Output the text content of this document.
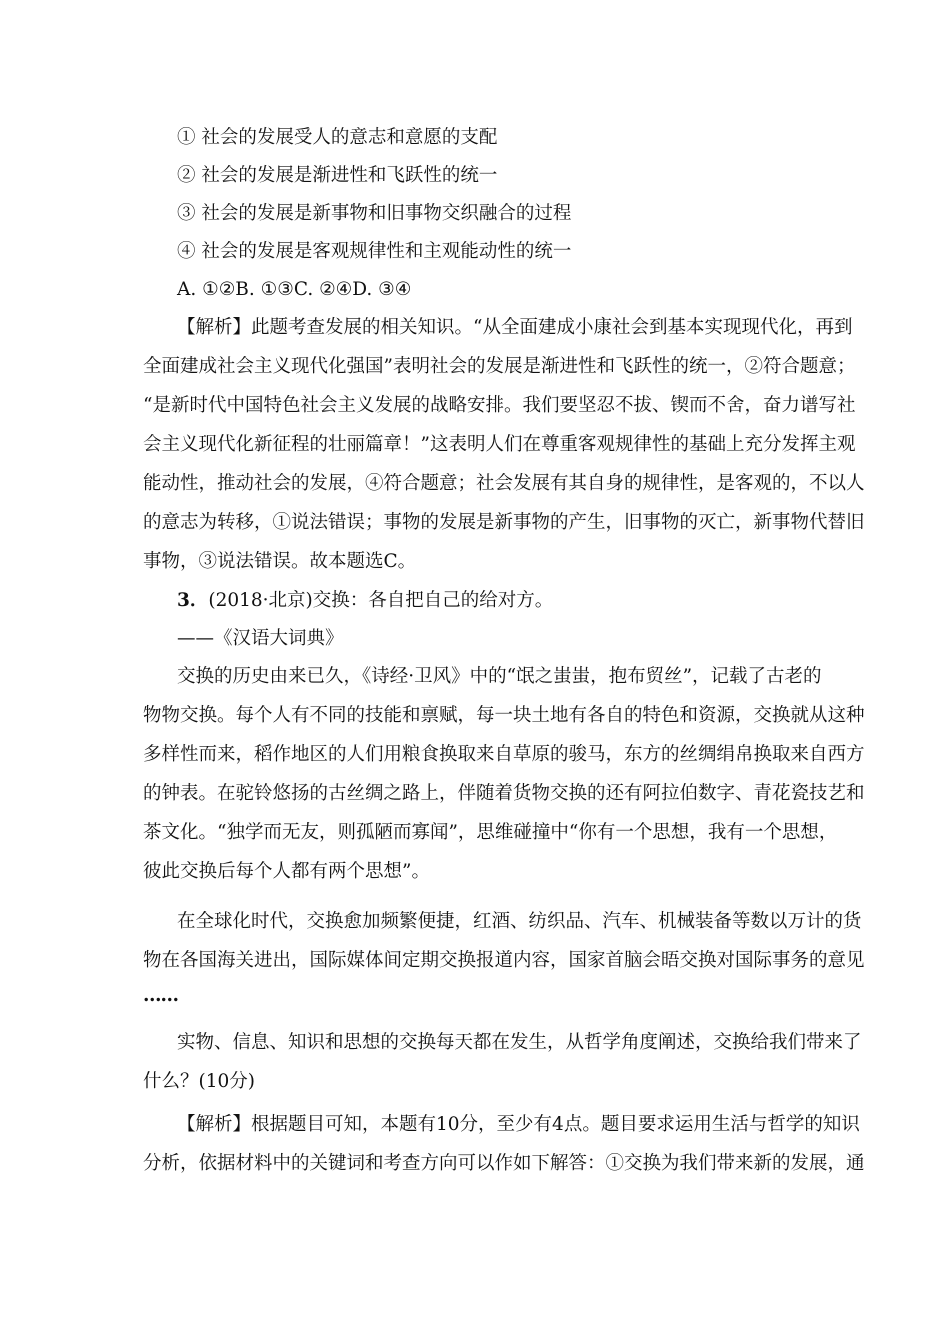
① 社会的发展受人的意志和意愿的支配
② 社会的发展是渐进性和飞跃性的统一
③ 社会的发展是新事物和旧事物交织融合的过程
④ 社会的发展是客观规律性和主观能动性的统一
A. ①②B. ①③C. ②④D. ③④
【解析】此题考查发展的相关知识。“从全面建成小康社会到基本实现现代化，再到
全面建成社会主义现代化强国”表明社会的发展是渐进性和飞跃性的统一，②符合题意；
“是新时代中国特色社会主义发展的战略安排。我们要坚忍不拔、锲而不舍，奋力谱写社
会主义现代化新征程的壮丽篇章！”这表明人们在尊重客观规律性的基础上充分发挥主观
能动性，推动社会的发展，④符合题意；社会发展有其自身的规律性，是客观的，不以人
的意志为转移，①说法错误；事物的发展是新事物的产生，旧事物的灭亡，新事物代替旧
事物，③说法错误。故本题选C。
3．(2018·北京)交换：各自把自己的给对方。
——《汉语大词典》
交换的历史由来已久，《诗经·卫风》中的“氓之蚩蚩，抱布贸丝”，记载了古老的
物物交换。每个人有不同的技能和禀赋，每一块土地有各自的特色和资源，交换就从这种
多样性而来，稻作地区的人们用粮食换取来自草原的骏马，东方的丝绸绢帛换取来自西方
的钟表。在驼铃悠扬的古丝绸之路上，伴随着货物交换的还有阿拉伯数字、青花瓷技艺和
茶文化。“独学而无友，则孤陋而寡闻”，思维碰撞中“你有一个思想，我有一个思想，
彼此交换后每个人都有两个思想”。
在全球化时代，交换愈加频繁便捷，红酒、纺织品、汽车、机械装备等数以万计的货
物在各国海关进出，国际媒体间定期交换报道内容，国家首脑会晤交换对国际事务的意见
……
实物、信息、知识和思想的交换每天都在发生，从哲学角度阐述，交换给我们带来了
什么？(10分)
【解析】根据题目可知，本题有10分，至少有4点。题目要求运用生活与哲学的知识
分析，依据材料中的关键词和考查方向可以作如下解答：①交换为我们带来新的发展，通
